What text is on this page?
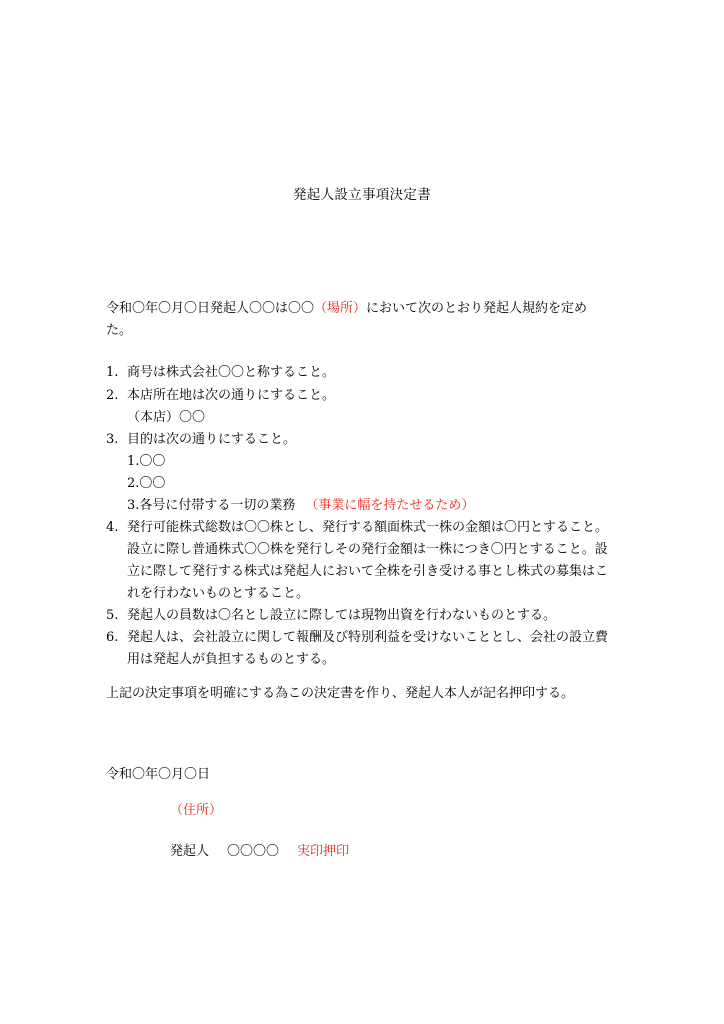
発起人設立事項決定書
令和〇年〇月〇日発起人〇〇は〇〇（場所）において次のとおり発起人規約を定め
た。
1. 商号は株式会社〇〇と称すること。
2. 本店所在地は次の通りにすること。
（本店）〇〇
3. 目的は次の通りにすること。
1.〇〇
2.〇〇
3.各号に付帯する一切の業務 （事業に幅を持たせるため）
4. 発行可能株式総数は〇〇株とし、発行する額面株式一株の金額は〇円とすること。
設立に際し普通株式〇〇株を発行しその発行金額は一株につき〇円とすること。設
立に際して発行する株式は発起人において全株を引き受ける事とし株式の募集はこ
れを行わないものとすること。
5. 発起人の員数は〇名とし設立に際しては現物出資を行わないものとする。
6. 発起人は、会社設立に関して報酬及び特別利益を受けないこととし、会社の設立費
用は発起人が負担するものとする。
上記の決定事項を明確にする為この決定書を作り、発起人本人が記名押印する。
令和〇年〇月〇日
（住所）
発起人 〇〇〇〇 実印押印
